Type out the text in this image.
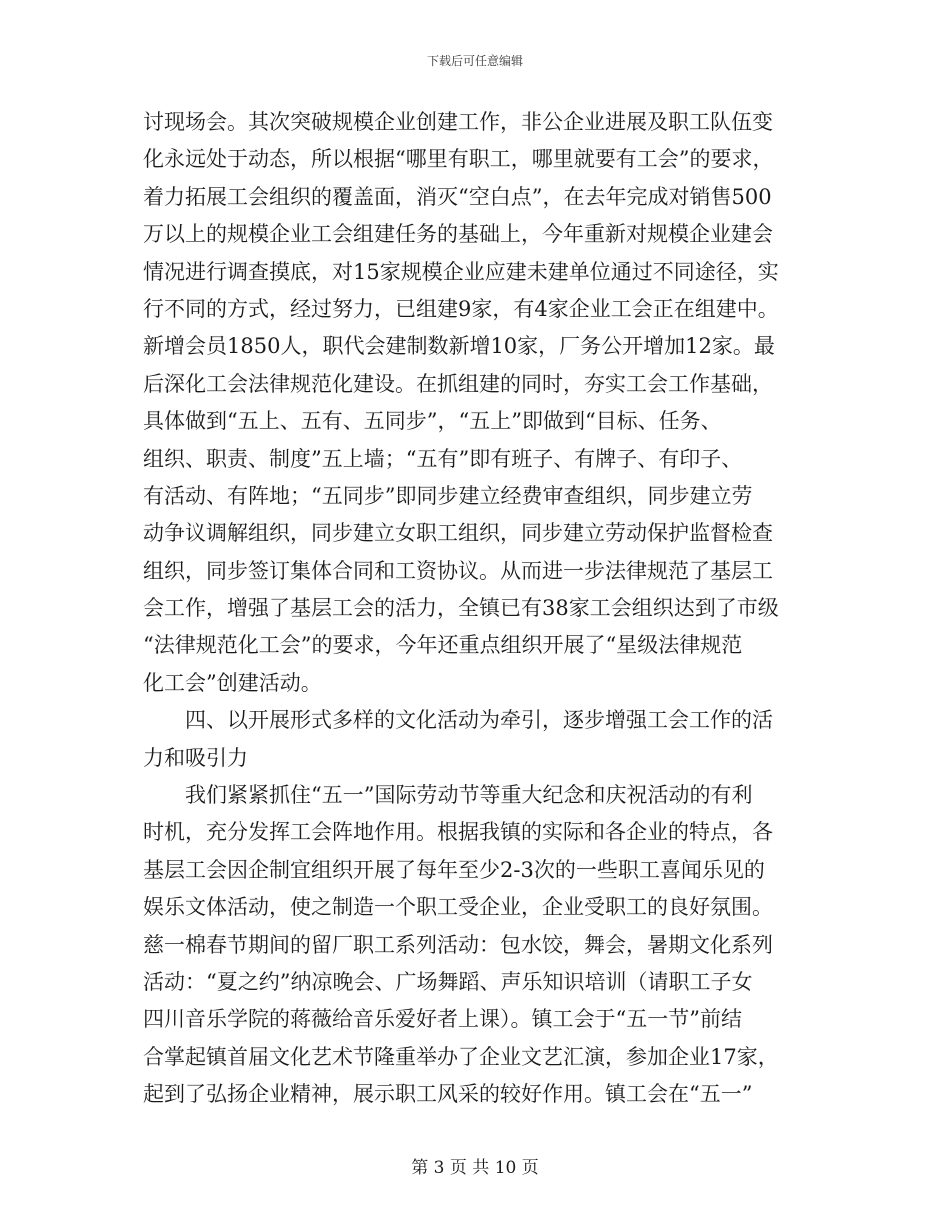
下载后可任意编辑
讨现场会。其次突破规模企业创建工作，非公企业进展及职工队伍变
化永远处于动态，所以根据“哪里有职工，哪里就要有工会”的要求，
着力拓展工会组织的覆盖面，消灭“空白点”，在去年完成对销售500
万以上的规模企业工会组建任务的基础上，今年重新对规模企业建会
情况进行调查摸底，对15家规模企业应建未建单位通过不同途径，实
行不同的方式，经过努力，已组建9家，有4家企业工会正在组建中。
新增会员1850人，职代会建制数新增10家，厂务公开增加12家。最
后深化工会法律规范化建设。在抓组建的同时，夯实工会工作基础，
具体做到“五上、五有、五同步”，“五上”即做到“目标、任务、
组织、职责、制度”五上墙；“五有”即有班子、有牌子、有印子、
有活动、有阵地；“五同步”即同步建立经费审查组织，同步建立劳
动争议调解组织，同步建立女职工组织，同步建立劳动保护监督检查
组织，同步签订集体合同和工资协议。从而进一步法律规范了基层工
会工作，增强了基层工会的活力，全镇已有38家工会组织达到了市级
“法律规范化工会”的要求，今年还重点组织开展了“星级法律规范
化工会”创建活动。
四、以开展形式多样的文化活动为牵引，逐步增强工会工作的活
力和吸引力
我们紧紧抓住“五一”国际劳动节等重大纪念和庆祝活动的有利
时机，充分发挥工会阵地作用。根据我镇的实际和各企业的特点，各
基层工会因企制宜组织开展了每年至少2-3次的一些职工喜闻乐见的
娱乐文体活动，使之制造一个职工受企业，企业受职工的良好氛围。
慈一棉春节期间的留厂职工系列活动：包水饺，舞会，暑期文化系列
活动：“夏之约”纳凉晚会、广场舞蹈、声乐知识培训（请职工子女
四川音乐学院的蒋薇给音乐爱好者上课）。镇工会于“五一节”前结
合掌起镇首届文化艺术节隆重举办了企业文艺汇演，参加企业17家，
起到了弘扬企业精神，展示职工风采的较好作用。镇工会在“五一”
第 3 页 共 10 页
